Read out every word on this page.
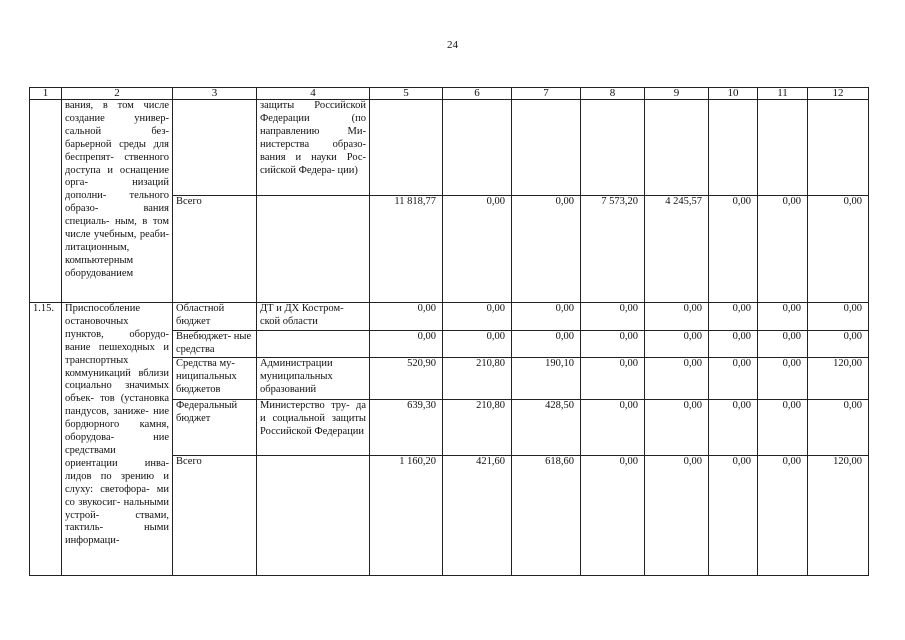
24
1	2	3	4	5	6	7	8	9	10	11	12
	вания, в том числе создание универ- сальной без- барьерной среды для беспрепят- ственного доступа и оснащение орга- низаций дополни- тельного образо- вания специаль- ным, в том числе учебным, реаби- литационным, компьютерным оборудованием		защиты Российской Федерации (по направлению Ми- нистерства образо- вания и науки Рос- сийской Федера- ции)								
		Всего		11 818,77	0,00	0,00	7 573,20	4 245,57	0,00	0,00	0,00
1.15.	Приспособление остановочных пунктов, оборудо- вание пешеходных и транспортных коммуникаций вблизи социально значимых объек- тов (установка пандусов, заниже- ние бордюрного камня, оборудова- ние средствами ориентации инва- лидов по зрению и слуху: светофора- ми со звукосиг- нальными устрой- ствами, тактиль- ными информаци-	Областной бюджет	ДТ и ДХ Костром- ской области	0,00	0,00	0,00	0,00	0,00	0,00	0,00	0,00
		Внебюджет- ные средства		0,00	0,00	0,00	0,00	0,00	0,00	0,00	0,00
		Средства му- ниципальных бюджетов	Администрации муниципальных образований	520,90	210,80	190,10	0,00	0,00	0,00	0,00	120,00
		Федеральный бюджет	Министерство тру- да и социальной защиты Российской Федерации	639,30	210,80	428,50	0,00	0,00	0,00	0,00	0,00
		Всего		1 160,20	421,60	618,60	0,00	0,00	0,00	0,00	120,00
